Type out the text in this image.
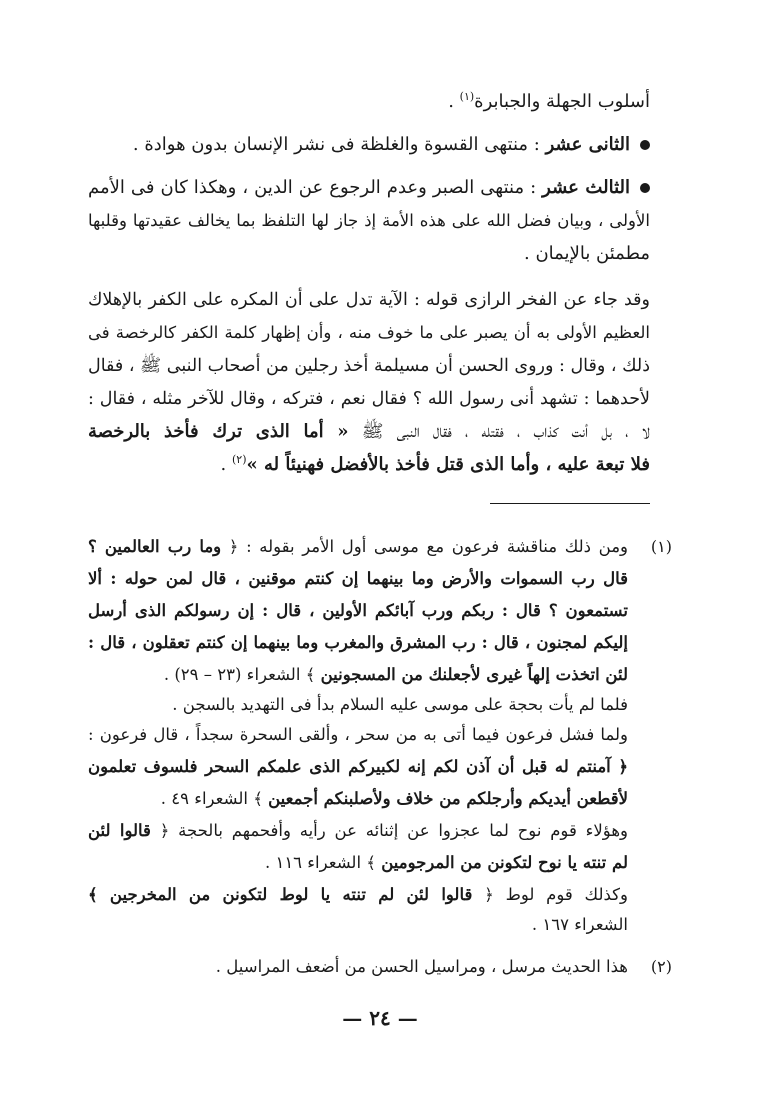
أسلوب الجهلة والجبابرة$^{(١)}$ .
الثانى عشر : منتهى القسوة والغلظة فى نشر الإنسان بدون هوادة .
الثالث عشر : منتهى الصبر وعدم الرجوع عن الدين ، وهكذا كان فى الأمم
الأولى ، وبيان فضل الله على هذه الأمة إذ جاز لها التلفظ بما يخالف عقيدتها وقلبها
مطمئن بالإيمان .
وقد جاء عن الفخر الرازى قوله : الآية تدل على أن المكره على الكفر بالإهلاك
العظيم الأولى به أن يصبر على ما خوف منه ، وأن إظهار كلمة الكفر كالرخصة فى
ذلك ، وقال : وروى الحسن أن مسيلمة أخذ رجلين من أصحاب النبى ﷺ ، فقال
لأحدهما : تشهد أنى رسول الله ؟ فقال نعم ، فتركه ، وقال للآخر مثله ، فقال :
لا ، بل أنت كذاب ، فقتله ، فقال النبى ﷺ « أما الذى ترك فأخذ بالرخصة
فلا تبعة عليه ، وأما الذى قتل فأخذ بالأفضل فهنيئاً له »$^{(٢)}$ .
(١)
ومن ذلك مناقشة فرعون مع موسى أول الأمر بقوله : ﴿ وما رب العالمين ؟
قال رب السموات والأرض وما بينهما إن كنتم موقنين ، قال لمن حوله : ألا
تستمعون ؟ قال : ربكم ورب آبائكم الأولين ، قال : إن رسولكم الذى أرسل
إليكم لمجنون ، قال : رب المشرق والمغرب وما بينهما إن كنتم تعقلون ، قال :
لئن اتخذت إلهاً غيرى لأجعلنك من المسجونين ﴾ الشعراء (٢٣ – ٢٩) .
فلما لم يأت بحجة على موسى عليه السلام بدأ فى التهديد بالسجن .
ولما فشل فرعون فيما أتى به من سحر ، وألقى السحرة سجداً ، قال فرعون :
﴿ آمنتم له قبل أن آذن لكم إنه لكبيركم الذى علمكم السحر فلسوف تعلمون
لأقطعن أيديكم وأرجلكم من خلاف ولأصلبنكم أجمعين ﴾ الشعراء ٤٩ .
وهؤلاء قوم نوح لما عجزوا عن إثنائه عن رأيه وأفحمهم بالحجة ﴿ قالوا لئن
لم تنته يا نوح لتكونن من المرجومين ﴾ الشعراء ١١٦ .
وكذلك قوم لوط ﴿ قالوا لئن لم تنته يا لوط لتكونن من المخرجين ﴾
الشعراء ١٦٧ .
(٢)
هذا الحديث مرسل ، ومراسيل الحسن من أضعف المراسيل .
— ٢٤ —
